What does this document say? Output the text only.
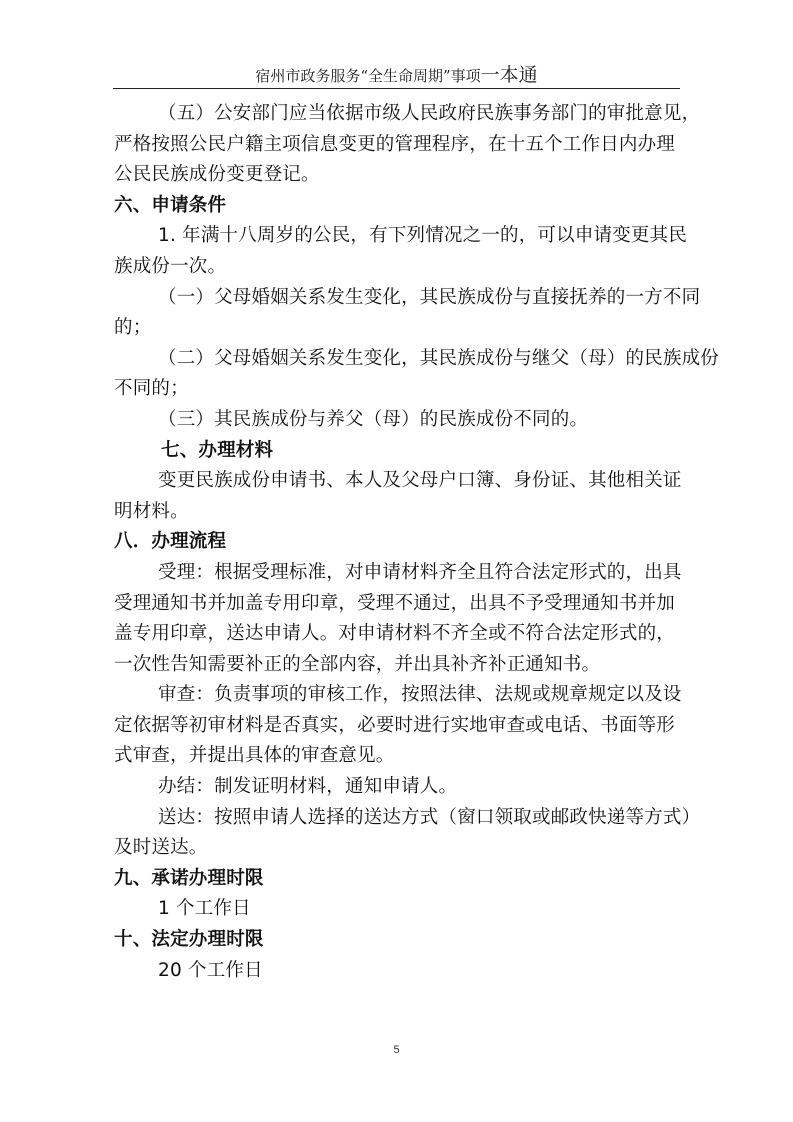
宿州市政务服务“全生命周期”事项一本通

（五）公安部门应当依据市级人民政府民族事务部门的审批意见，

严格按照公民户籍主项信息变更的管理程序，在十五个工作日内办理

公民民族成份变更登记。

六、申请条件

1. 年满十八周岁的公民，有下列情况之一的，可以申请变更其民

族成份一次。

（一）父母婚姻关系发生变化，其民族成份与直接抚养的一方不同

的；

（二）父母婚姻关系发生变化，其民族成份与继父（母）的民族成份

不同的；

（三）其民族成份与养父（母）的民族成份不同的。

七、办理材料

变更民族成份申请书、本人及父母户口簿、身份证、其他相关证

明材料。

八．办理流程

受理：根据受理标准，对申请材料齐全且符合法定形式的，出具

受理通知书并加盖专用印章，受理不通过，出具不予受理通知书并加

盖专用印章，送达申请人。对申请材料不齐全或不符合法定形式的，

一次性告知需要补正的全部内容，并出具补齐补正通知书。

审查：负责事项的审核工作，按照法律、法规或规章规定以及设

定依据等初审材料是否真实，必要时进行实地审查或电话、书面等形

式审查，并提出具体的审查意见。

办结：制发证明材料，通知申请人。

送达：按照申请人选择的送达方式（窗口领取或邮政快递等方式）

及时送达。

九、承诺办理时限

1 个工作日

十、法定办理时限

20 个工作日

5
